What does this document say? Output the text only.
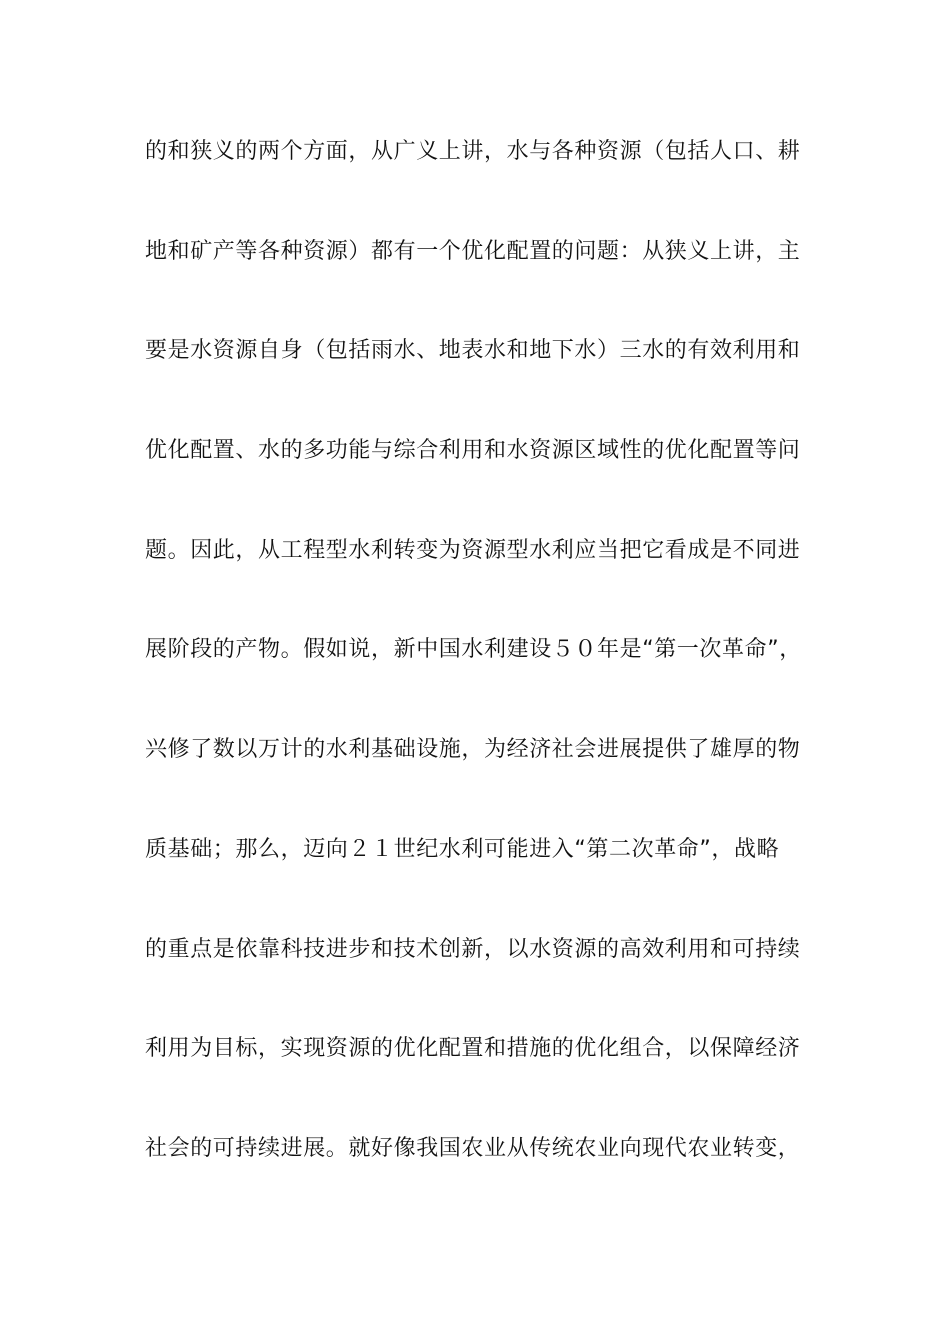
的和狭义的两个方面，从广义上讲，水与各种资源（包括人口、耕
地和矿产等各种资源）都有一个优化配置的问题：从狭义上讲，主
要是水资源自身（包括雨水、地表水和地下水）三水的有效利用和
优化配置、水的多功能与综合利用和水资源区域性的优化配置等问
题。因此，从工程型水利转变为资源型水利应当把它看成是不同进
展阶段的产物。假如说，新中国水利建设５０年是“第一次革命”，
兴修了数以万计的水利基础设施，为经济社会进展提供了雄厚的物
质基础；那么，迈向２１世纪水利可能进入“第二次革命”，战略
的重点是依靠科技进步和技术创新，以水资源的高效利用和可持续
利用为目标，实现资源的优化配置和措施的优化组合，以保障经济
社会的可持续进展。就好像我国农业从传统农业向现代农业转变，
